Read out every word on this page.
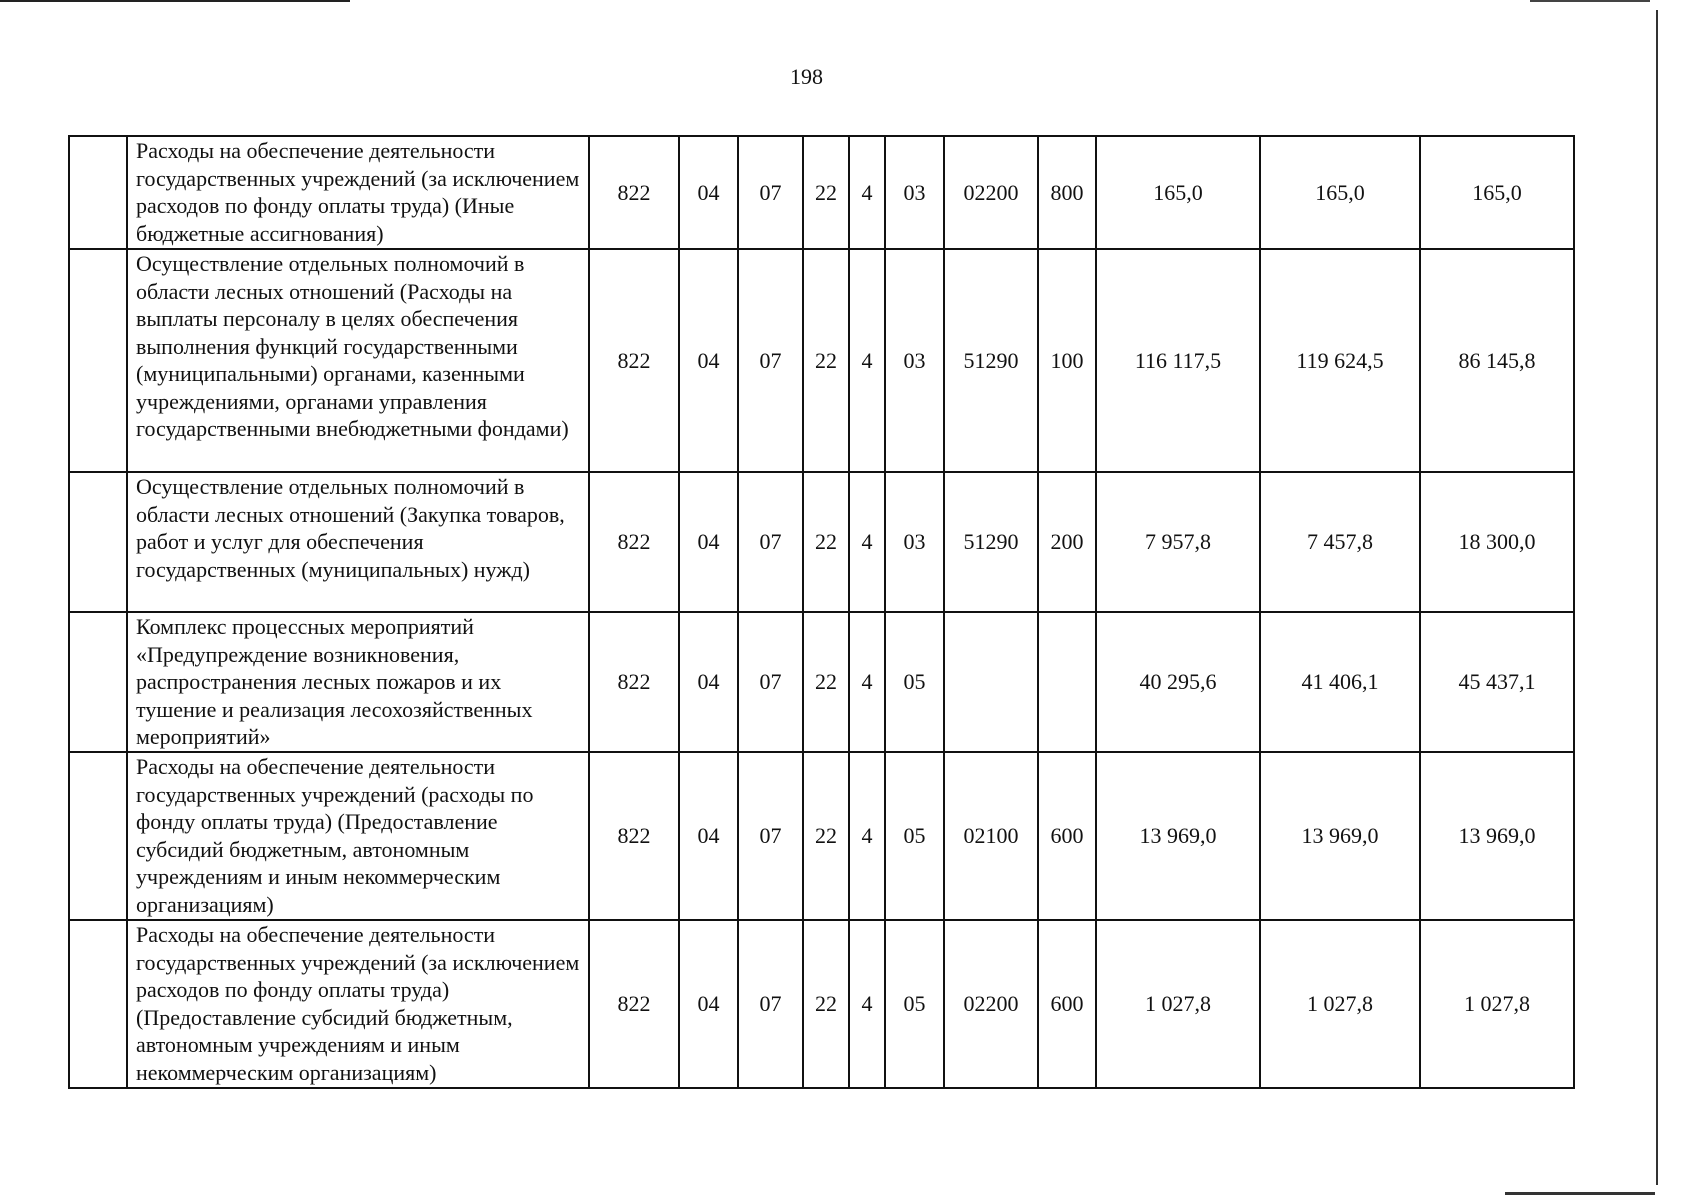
198
	Расходы на обеспечение деятельности государственных учреждений (за исключением расходов по фонду оплаты труда) (Иные бюджетные ассигнования)	822	04	07	22	4	03	02200	800	165,0	165,0	165,0
	Осуществление отдельных полномочий в области лесных отношений (Расходы на выплаты персоналу в целях обеспечения выполнения функций государственными (муниципальными) органами, казенными учреждениями, органами управления государственными внебюджетными фондами)	822	04	07	22	4	03	51290	100	116 117,5	119 624,5	86 145,8
	Осуществление отдельных полномочий в области лесных отношений (Закупка товаров, работ и услуг для обеспечения государственных (муниципальных) нужд)	822	04	07	22	4	03	51290	200	7 957,8	7 457,8	18 300,0
	Комплекс процессных мероприятий «Предупреждение возникновения, распространения лесных пожаров и их тушение и реализация лесохозяйственных мероприятий»	822	04	07	22	4	05			40 295,6	41 406,1	45 437,1
	Расходы на обеспечение деятельности государственных учреждений (расходы по фонду оплаты труда) (Предоставление субсидий бюджетным, автономным учреждениям и иным некоммерческим организациям)	822	04	07	22	4	05	02100	600	13 969,0	13 969,0	13 969,0
	Расходы на обеспечение деятельности государственных учреждений (за исключением расходов по фонду оплаты труда) (Предоставление субсидий бюджетным, автономным учреждениям и иным некоммерческим организациям)	822	04	07	22	4	05	02200	600	1 027,8	1 027,8	1 027,8
